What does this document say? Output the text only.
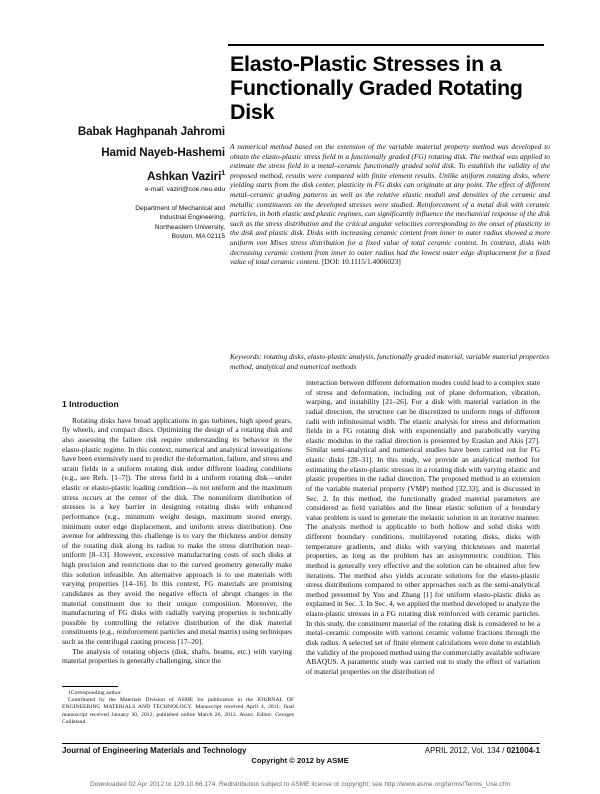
Elasto-Plastic Stresses in a Functionally Graded Rotating Disk
Babak Haghpanah Jahromi
Hamid Nayeb-Hashemi
Ashkan Vaziri$^1$
e-mail: vaziri@coe.neu.edu
Department of Mechanical and
Industrial Engineering,
Northeastern University,
Boston, MA 02115
A numerical method based on the extension of the variable material property method was developed to obtain the elasto-plastic stress field in a functionally graded (FG) rotating disk. The method was applied to estimate the stress field in a metal–ceramic functionally graded solid disk. To establish the validity of the proposed method, results were compared with finite element results. Unlike uniform rotating disks, where yielding starts from the disk center, plasticity in FG disks can originate at any point. The effect of different metal–ceramic grading patterns as well as the relative elastic moduli and densities of the ceramic and metallic constituents on the developed stresses were studied. Reinforcement of a metal disk with ceramic particles, in both elastic and plastic regimes, can significantly influence the mechanical response of the disk such as the stress distribution and the critical angular velocities corresponding to the onset of plasticity in the disk and plastic disk. Disks with increasing ceramic content from inner to outer radius showed a more uniform von Mises stress distribution for a fixed value of total ceramic content. In contrast, disks with decreasing ceramic content from inner to outer radius had the lowest outer edge displacement for a fixed value of total ceramic content. [DOI: 10.1115/1.4006023]
Keywords: rotating disks, elasto-plastic analysis, functionally graded material, variable material properties method, analytical and numerical methods
1 Introduction

Rotating disks have broad applications in gas turbines, high speed gears, fly wheels, and compact discs. Optimizing the design of a rotating disk and also assessing the failure risk require understanding its behavior in the elasto-plastic regime. In this context, numerical and analytical investigations have been extensively used to predict the deformation, failure, and stress and strain fields in a uniform rotating disk under different loading conditions (e.g., see Refs. [1–7]). The stress field in a uniform rotating disk—under elastic or elasto-plastic loading condition—is not uniform and the maximum stress occurs at the center of the disk. The nonuniform distribution of stresses is a key barrier in designing rotating disks with enhanced performance (e.g., minimum weight design, maximum stored energy, minimum outer edge displacement, and uniform stress distribution). One avenue for addressing this challenge is to vary the thickness and/or density of the rotating disk along its radius to make the stress distribution near-uniform [8–13]. However, excessive manufacturing costs of such disks at high precision and restrictions due to the curved geometry generally make this solution infeasible. An alternative approach is to use materials with varying properties [14–16]. In this context, FG materials are promising candidates as they avoid the negative effects of abrupt changes in the material constituent due to their unique composition. Moreover, the manufacturing of FG disks with radially varying properties is technically possible by controlling the relative distribution of the disk material constituents (e.g., reinforcement particles and metal matrix) using techniques such as the centrifugal casting process [17–20].

The analysis of rotating objects (disk, shafts, beams, etc.) with varying material properties is generally challenging, since the

interaction between different deformation modes could lead to a complex state of stress and deformation, including out of plane deformation, vibration, warping, and instability [21–26]. For a disk with material variation in the radial direction, the structure can be discretized to uniform rings of different radii with infinitesimal width. The elastic analysis for stress and deformation fields in a FG rotating disk with exponentially and parabolically varying elastic modulus in the radial direction is presented by Eraslan and Akis [27]. Similar semi-analytical and numerical studies have been carried out for FG elastic disks [28–31]. In this study, we provide an analytical method for estimating the elasto-plastic stresses in a rotating disk with varying elastic and plastic properties in the radial direction. The proposed method is an extension of the variable material property (VMP) method [32,33], and is discussed in Sec. 2. In this method, the functionally graded material parameters are considered as field variables and the linear elastic solution of a boundary value problem is used to generate the inelastic solution in an iterative manner. The analysis method is applicable to both hollow and solid disks with different boundary conditions, multilayered rotating disks, disks with temperature gradients, and disks with varying thicknesses and material properties, as long as the problem has an axisymmetric condition. This method is generally very effective and the solution can be obtained after few iterations. The method also yields accurate solutions for the elasto-plastic stress distributions compared to other approaches such as the semi-analytical method presented by You and Zhang [1] for uniform elasto-plastic disks as explained in Sec. 3. In Sec. 4, we applied the method developed to analyze the elasto-plastic stresses in a FG rotating disk reinforced with ceramic particles. In this study, the constituent material of the rotating disk is considered to be a metal–ceramic composite with various ceramic volume fractions through the disk radius. A selected set of finite element calculations were done to establish the validity of the proposed method using the commercially available software ABAQUS. A parametric study was carried out to study the effect of variation of material properties on the distribution of

1Corresponding author.

Contributed by the Materials Division of ASME for publication in the JOURNAL OF ENGINEERING MATERIALS AND TECHNOLOGY. Manuscript received April 4, 2011; final manuscript received January 30, 2012; published online March 26, 2012. Assoc. Editor: Georges Cailletaud.

Journal of Engineering Materials and Technology	APRIL 2012, Vol. 134 / 021004-1
Copyright © 2012 by ASME
Downloaded 02 Apr 2012 to 129.10.66.174. Redistribution subject to ASME license or copyright; see http://www.asme.org/terms/Terms_Use.cfm
